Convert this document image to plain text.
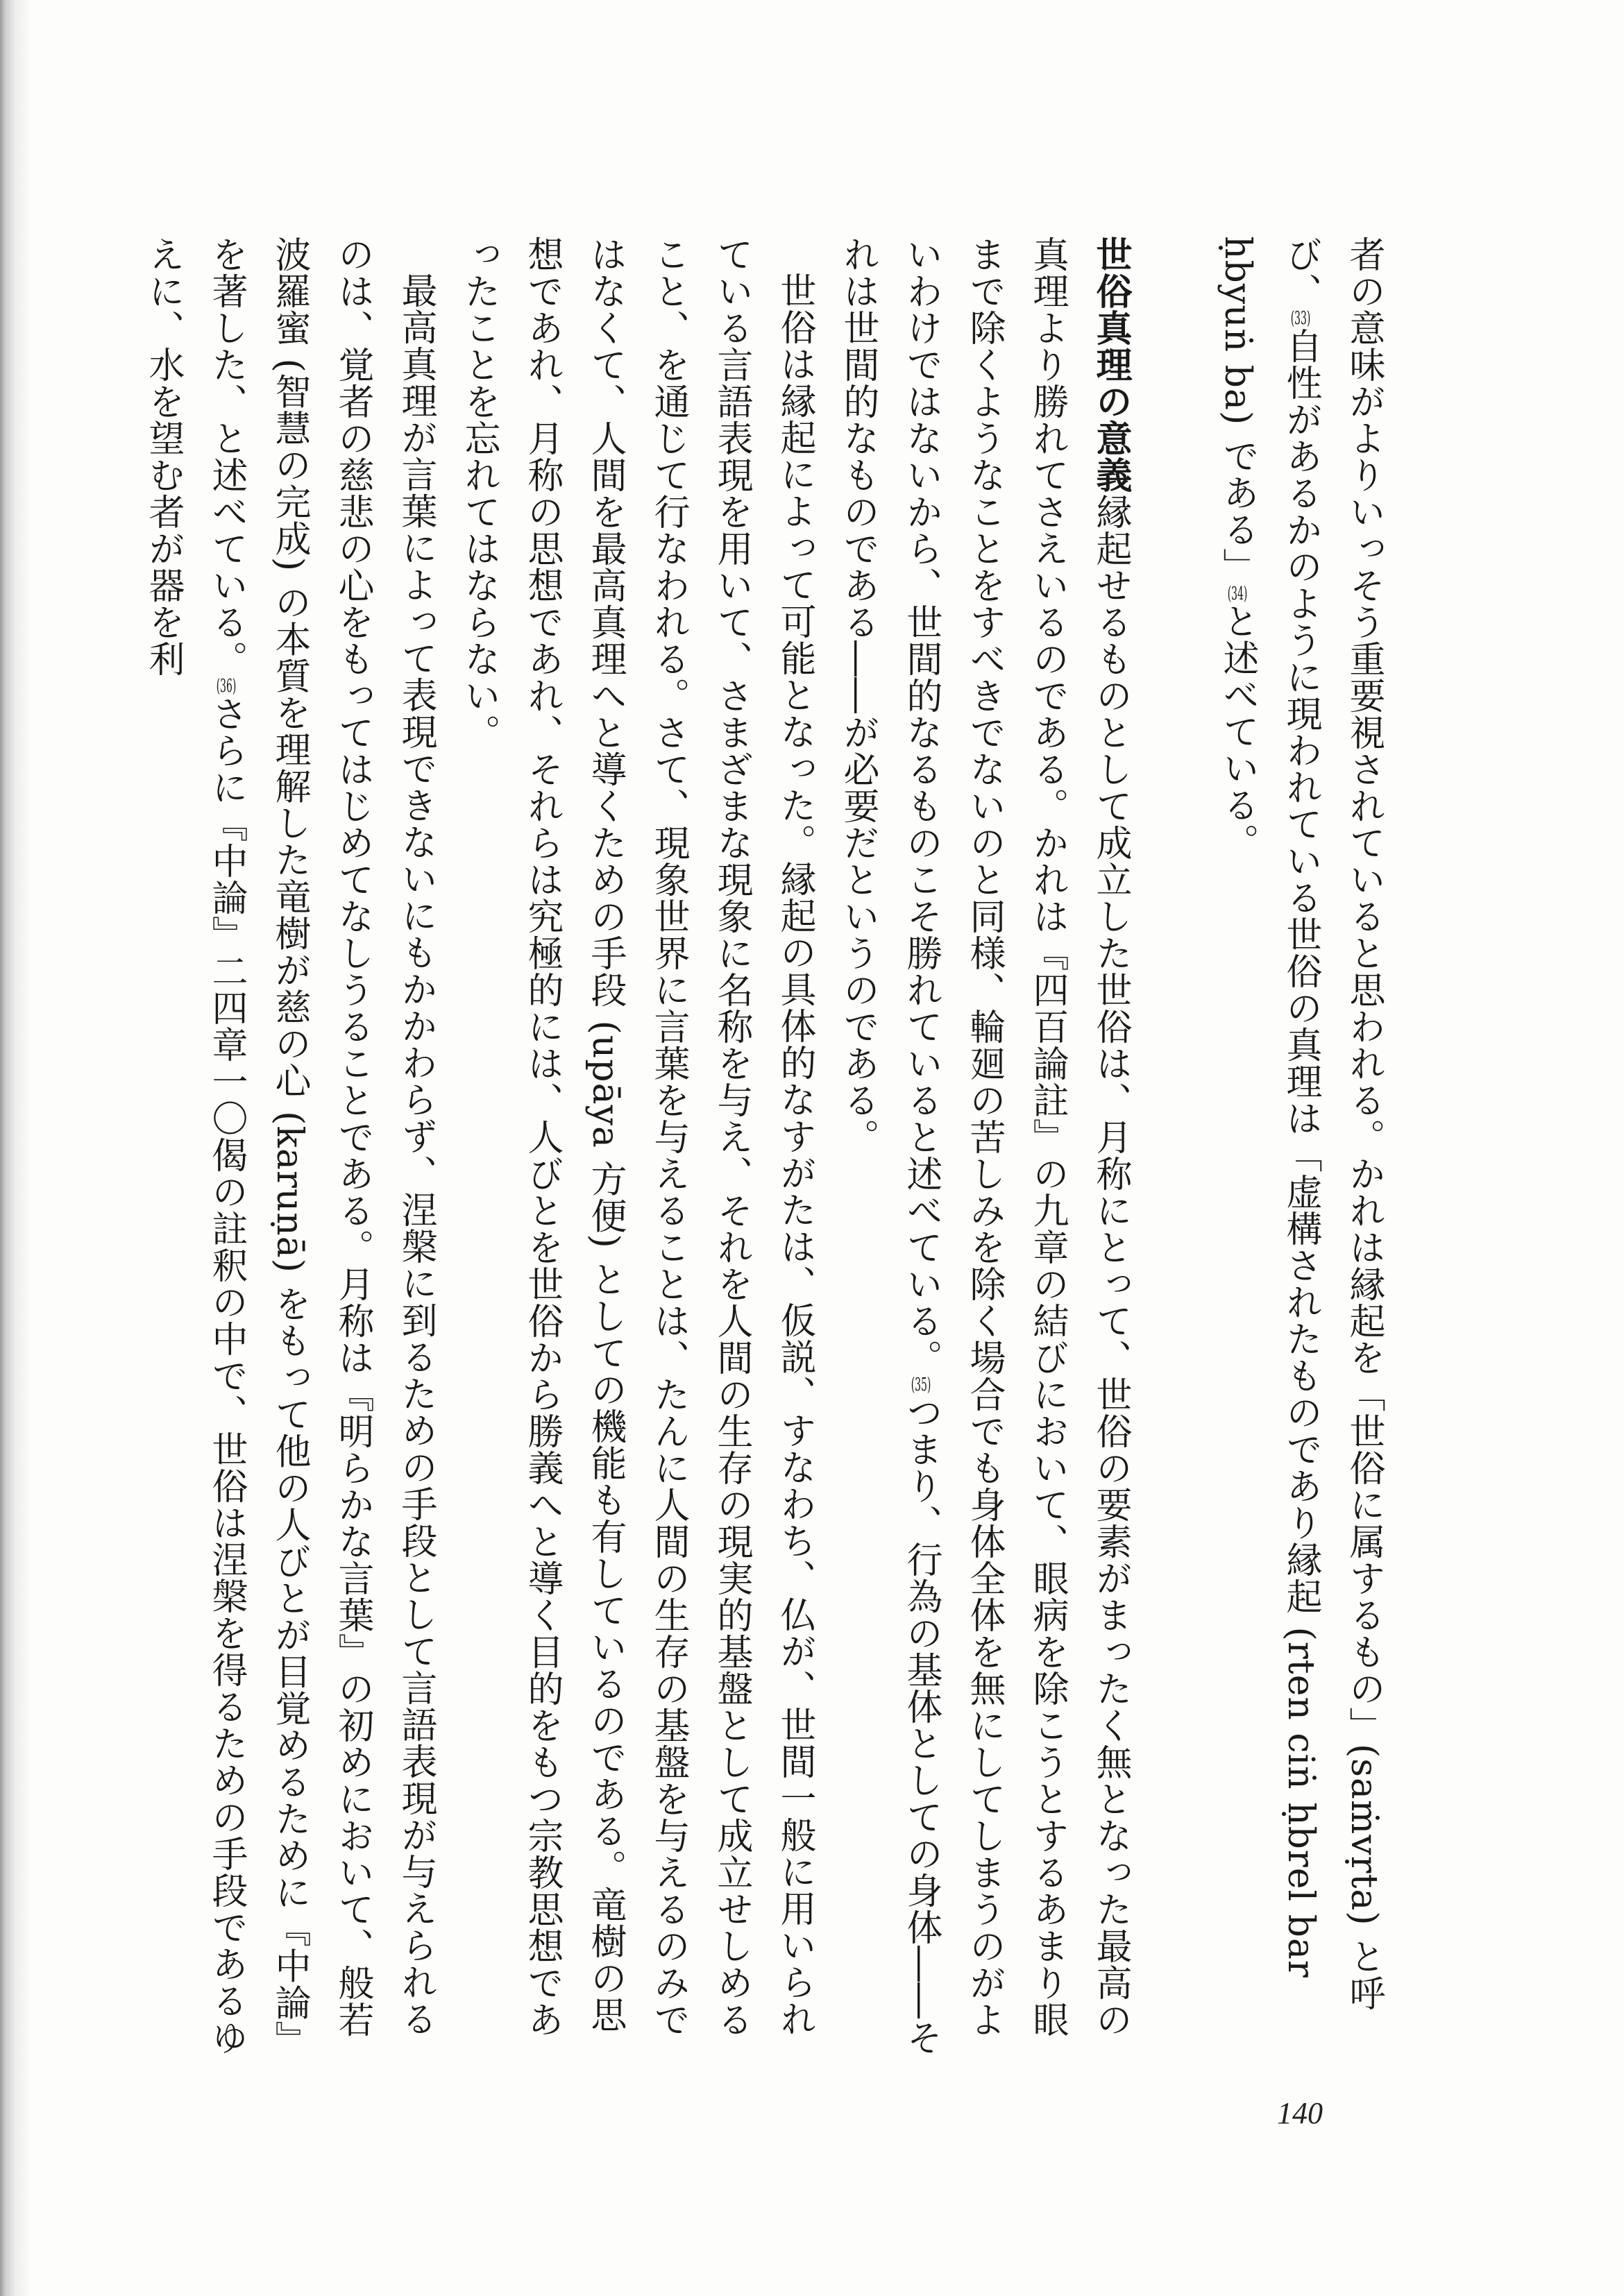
者の意味がよりいっそう重要視されていると思われる。かれは縁起を「世俗に属するもの」(saṁvṛta) と呼び、(33)自性があるかのように現われている世俗の真理は「虚構されたものであり縁起 (rten ciṅ ḥbrel bar ḥbyuṅ ba) である」(34)と述べている。

世俗真理の意義縁起せるものとして成立した世俗は、月称にとって、世俗の要素がまったく無となった最高の真理より勝れてさえいるのである。かれは『四百論註』の九章の結びにおいて、眼病を除こうとするあまり眼まで除くようなことをすべきでないのと同様、輪廻の苦しみを除く場合でも身体全体を無にしてしまうのがよいわけではないから、世間的なるものこそ勝れていると述べている。(35)つまり、行為の基体としての身体――それは世間的なものである――が必要だというのである。

世俗は縁起によって可能となった。縁起の具体的なすがたは、仮説、すなわち、仏が、世間一般に用いられている言語表現を用いて、さまざまな現象に名称を与え、それを人間の生存の現実的基盤として成立せしめること、を通じて行なわれる。さて、現象世界に言葉を与えることは、たんに人間の生存の基盤を与えるのみではなくて、人間を最高真理へと導くための手段 (upāya 方便) としての機能も有しているのである。竜樹の思想であれ、月称の思想であれ、それらは究極的には、人びとを世俗から勝義へと導く目的をもつ宗教思想であったことを忘れてはならない。

最高真理が言葉によって表現できないにもかかわらず、涅槃に到るための手段として言語表現が与えられるのは、覚者の慈悲の心をもってはじめてなしうることである。月称は『明らかな言葉』の初めにおいて、般若波羅蜜 (智慧の完成) の本質を理解した竜樹が慈の心 (karuṇā) をもって他の人びとが目覚めるために『中論』を著した、と述べている。(36)さらに『中論』二四章一〇偈の註釈の中で、世俗は涅槃を得るための手段であるゆえに、水を望む者が器を利

140
